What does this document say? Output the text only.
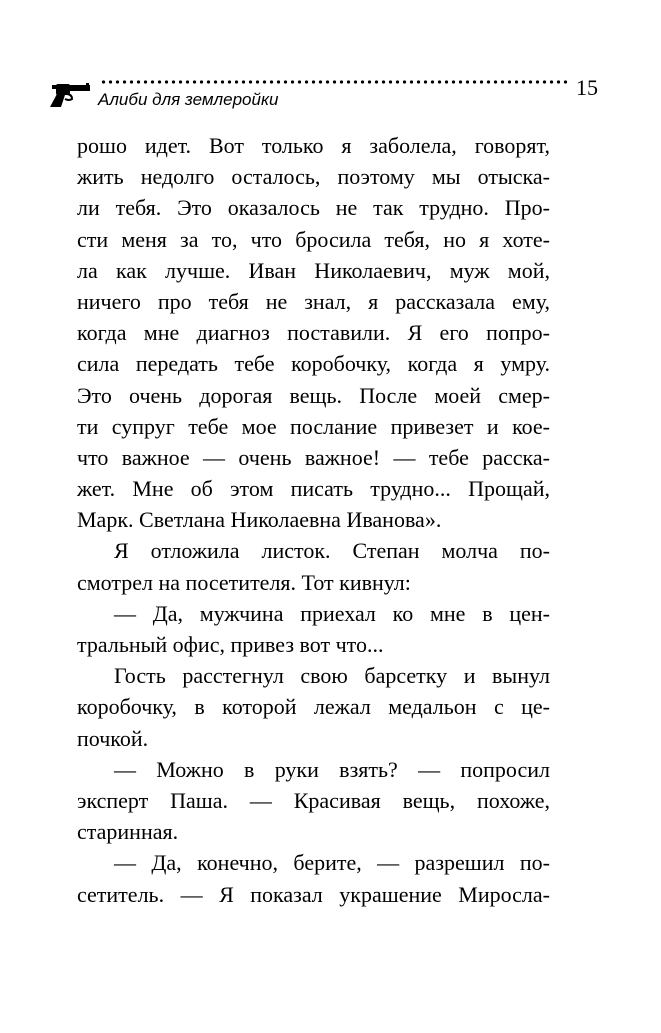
Алиби для землеройки	15
рошо идет. Вот только я заболела, говорят,
жить недолго осталось, поэтому мы отыска-
ли тебя. Это оказалось не так трудно. Про-
сти меня за то, что бросила тебя, но я хоте-
ла как лучше. Иван Николаевич, муж мой,
ничего про тебя не знал, я рассказала ему,
когда мне диагноз поставили. Я его попро-
сила передать тебе коробочку, когда я умру.
Это очень дорогая вещь. После моей смер-
ти супруг тебе мое послание привезет и кое-
что важное — очень важное! — тебе расска-
жет. Мне об этом писать трудно... Прощай,
Марк. Светлана Николаевна Иванова».
Я отложила листок. Степан молча по-
смотрел на посетителя. Тот кивнул:
— Да, мужчина приехал ко мне в цен-
тральный офис, привез вот что...
Гость расстегнул свою барсетку и вынул
коробочку, в которой лежал медальон с це-
почкой.
— Можно в руки взять? — попросил
эксперт Паша. — Красивая вещь, похоже,
старинная.
— Да, конечно, берите, — разрешил по-
сетитель. — Я показал украшение Миросла-
